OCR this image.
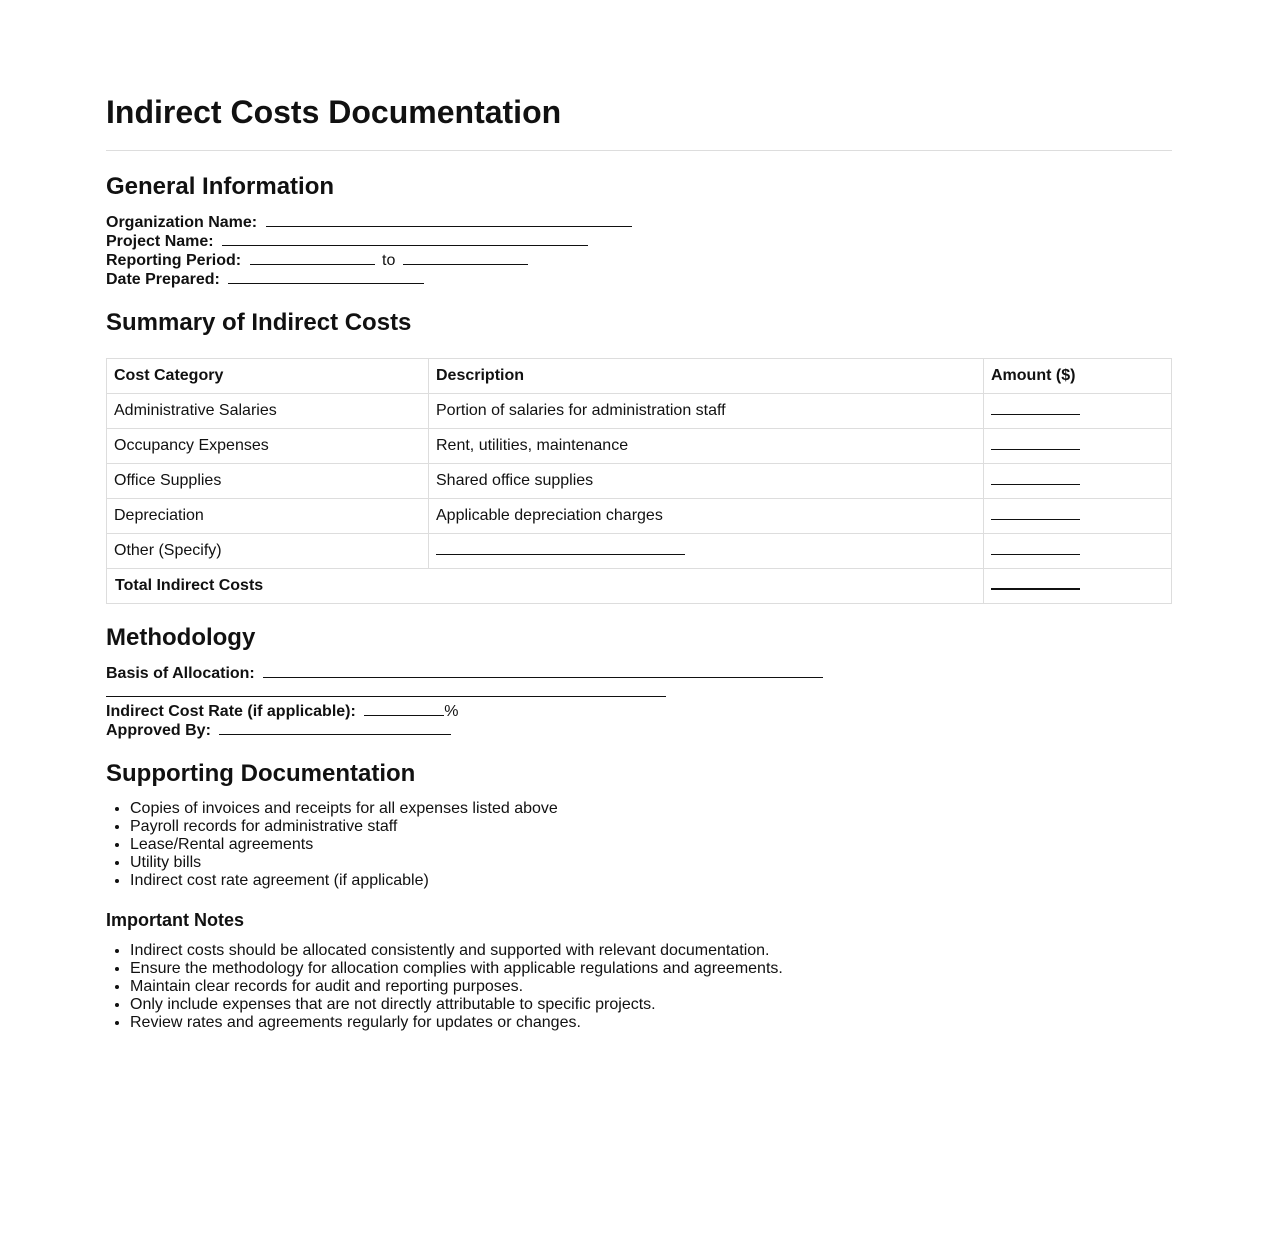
Indirect Costs Documentation
General Information
Organization Name:
Project Name:
Reporting Period:	to
Date Prepared:
Summary of Indirect Costs
Cost Category	Description	Amount ($)
Administrative Salaries	Portion of salaries for administration staff	
Occupancy Expenses	Rent, utilities, maintenance	
Office Supplies	Shared office supplies	
Depreciation	Applicable depreciation charges	
Other (Specify)		
Total Indirect Costs		
Methodology
Basis of Allocation:
Indirect Cost Rate (if applicable):	%
Approved By:
Supporting Documentation
• Copies of invoices and receipts for all expenses listed above
• Payroll records for administrative staff
• Lease/Rental agreements
• Utility bills
• Indirect cost rate agreement (if applicable)
Important Notes
• Indirect costs should be allocated consistently and supported with relevant documentation.
• Ensure the methodology for allocation complies with applicable regulations and agreements.
• Maintain clear records for audit and reporting purposes.
• Only include expenses that are not directly attributable to specific projects.
• Review rates and agreements regularly for updates or changes.
